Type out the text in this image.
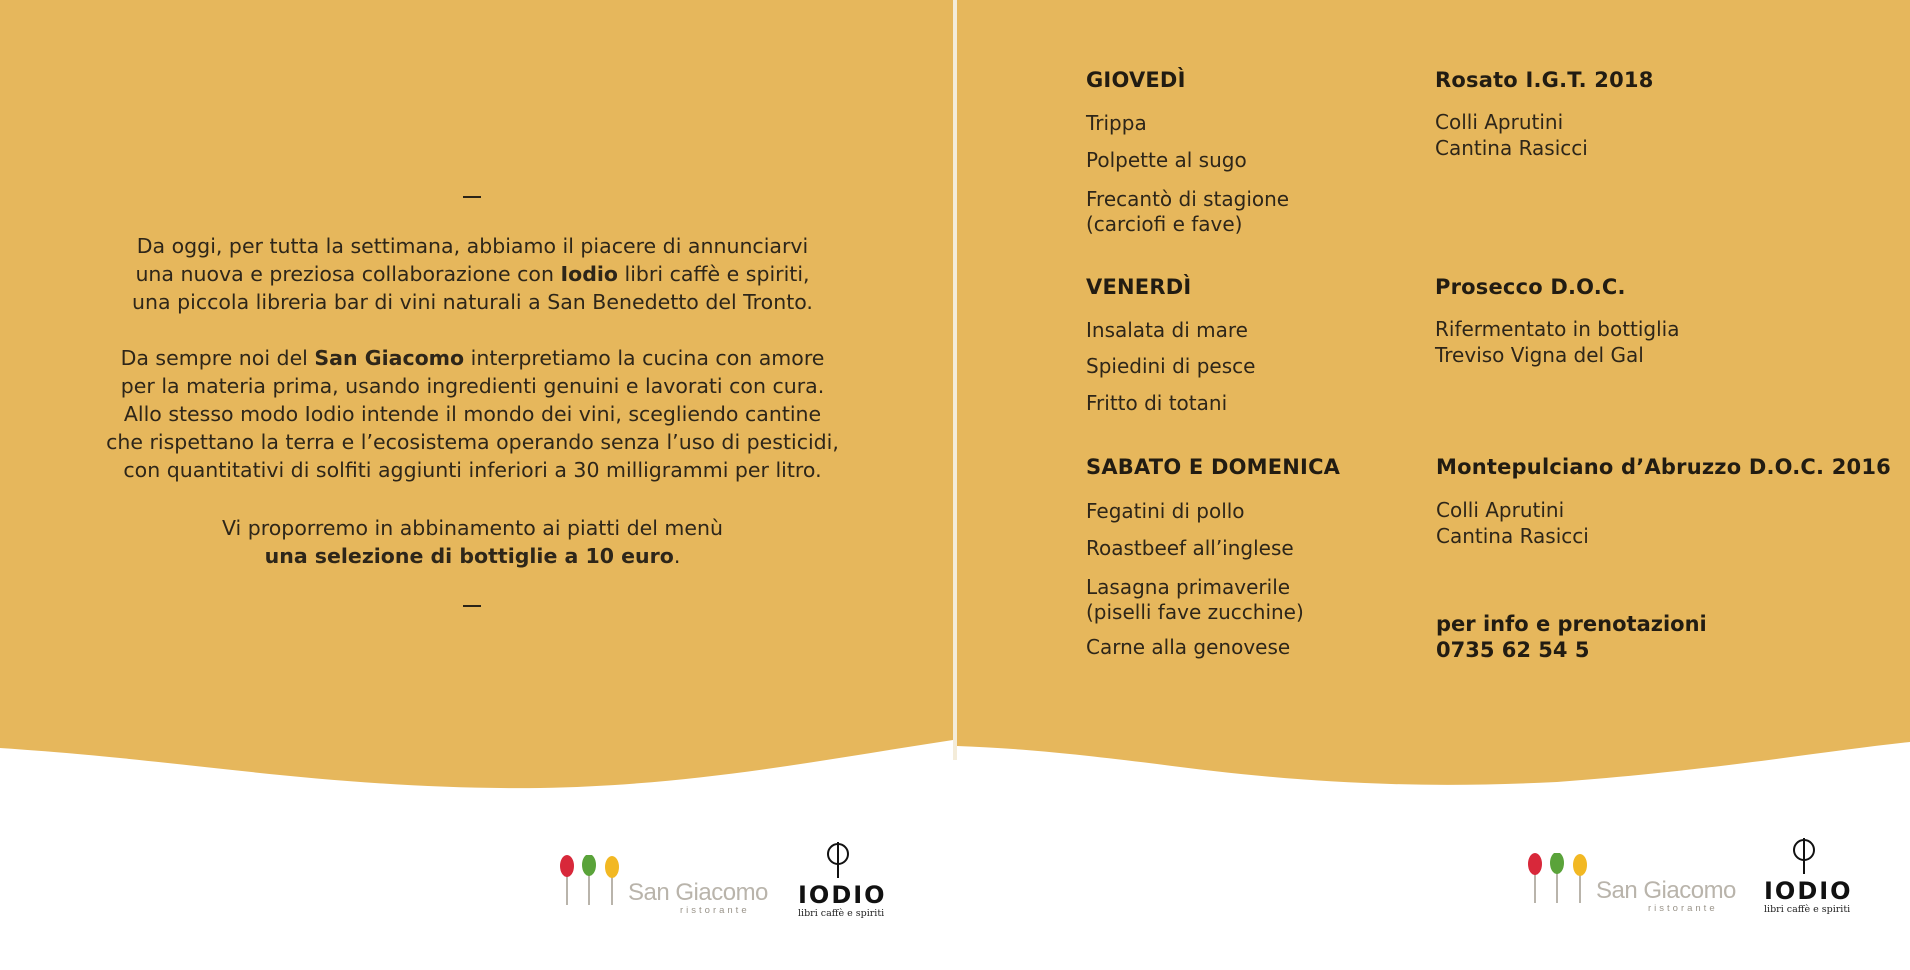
Da oggi, per tutta la settimana, abbiamo il piacere di annunciarvi
una nuova e preziosa collaborazione con Iodio libri caffè e spiriti,
una piccola libreria bar di vini naturali a San Benedetto del Tronto.
Da sempre noi del San Giacomo interpretiamo la cucina con amore
per la materia prima, usando ingredienti genuini e lavorati con cura.
Allo stesso modo Iodio intende il mondo dei vini, scegliendo cantine
che rispettano la terra e l’ecosistema operando senza l’uso di pesticidi,
con quantitativi di solfiti aggiunti inferiori a 30 milligrammi per litro.
Vi proporremo in abbinamento ai piatti del menù
una selezione di bottiglie a 10 euro.
San Giacomo
ristorante
IODIO
libri caffè e spiriti
GIOVEDÌ
Trippa
Polpette al sugo
Frecantò di stagione
(carciofi e fave)
VENERDÌ
Insalata di mare
Spiedini di pesce
Fritto di totani
SABATO E DOMENICA
Fegatini di pollo
Roastbeef all’inglese
Lasagna primaverile
(piselli fave zucchine)
Carne alla genovese
Rosato I.G.T. 2018
Colli Aprutini
Cantina Rasicci
Prosecco D.O.C.
Rifermentato in bottiglia
Treviso Vigna del Gal
Montepulciano d’Abruzzo D.O.C. 2016
Colli Aprutini
Cantina Rasicci
per info e prenotazioni
0735 62 54 5
San Giacomo
ristorante
IODIO
libri caffè e spiriti
